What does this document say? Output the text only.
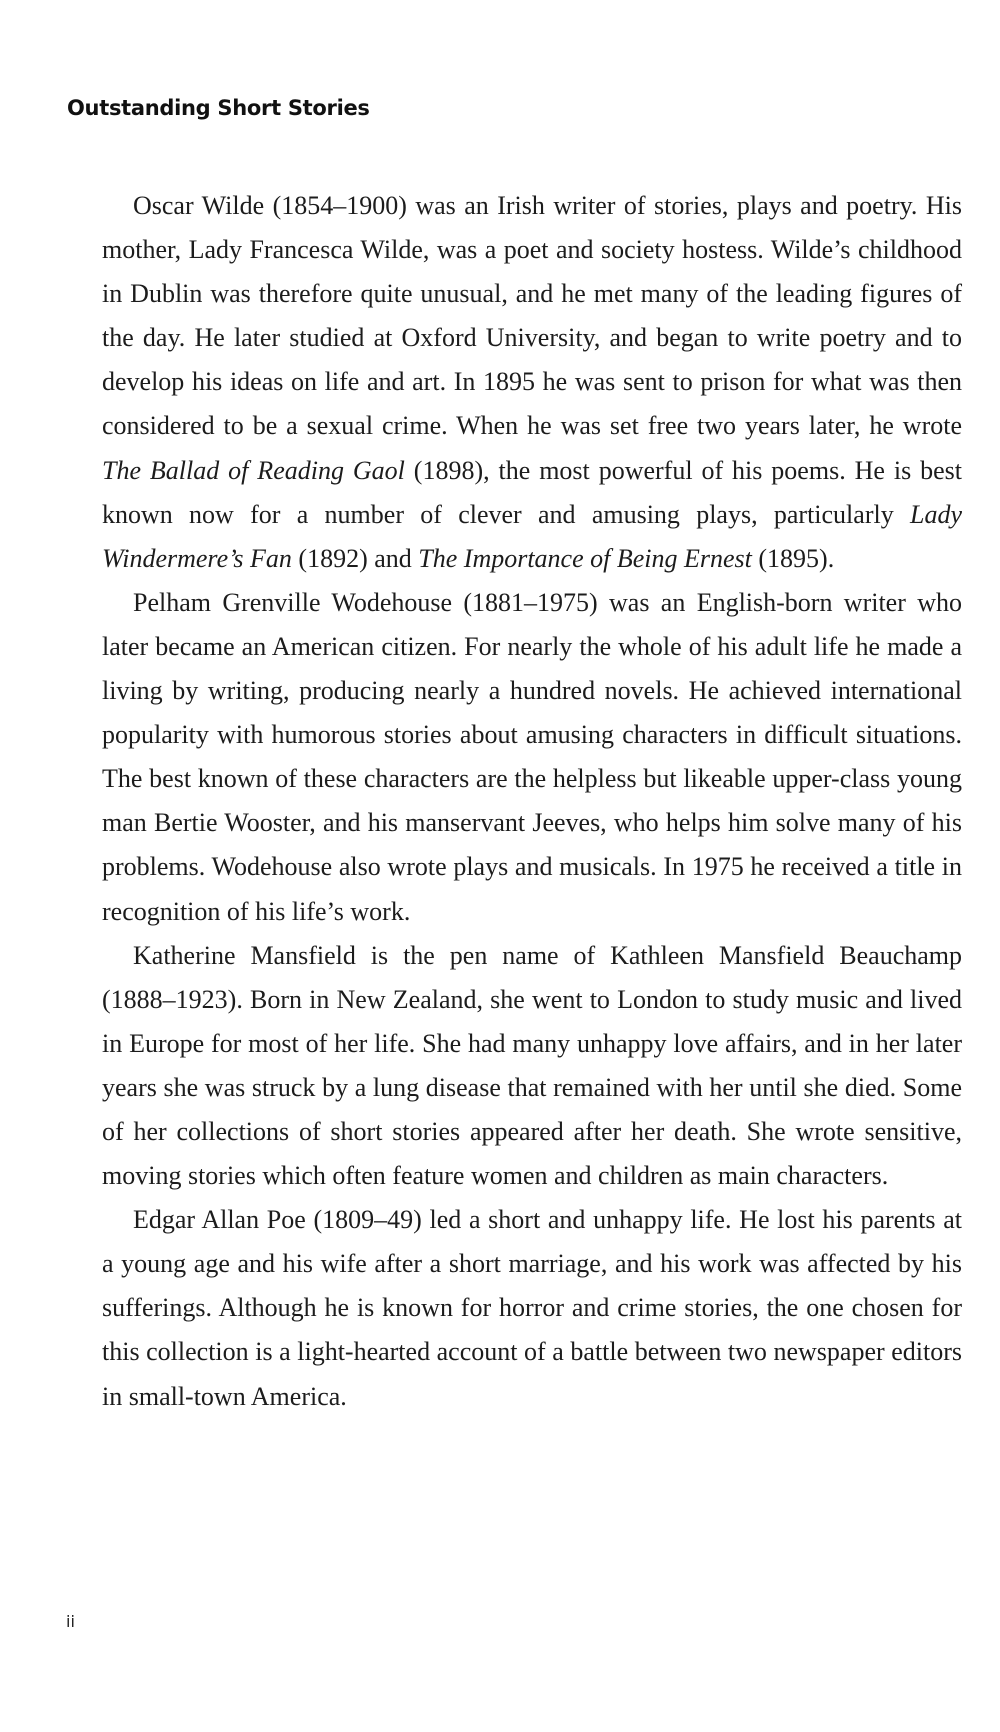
Outstanding Short Stories

Oscar Wilde (1854–1900) was an Irish writer of stories, plays and poetry. His mother, Lady Francesca Wilde, was a poet and society hostess. Wilde’s childhood in Dublin was therefore quite unusual, and he met many of the leading figures of the day. He later studied at Oxford University, and began to write poetry and to develop his ideas on life and art. In 1895 he was sent to prison for what was then considered to be a sexual crime. When he was set free two years later, he wrote The Ballad of Reading Gaol (1898), the most powerful of his poems. He is best known now for a number of clever and amusing plays, particularly Lady Windermere’s Fan (1892) and The Importance of Being Ernest (1895).

Pelham Grenville Wodehouse (1881–1975) was an English-born writer who later became an American citizen. For nearly the whole of his adult life he made a living by writing, producing nearly a hundred novels. He achieved international popularity with humorous stories about amusing characters in difficult situations. The best known of these characters are the helpless but likeable upper-class young man Bertie Wooster, and his manservant Jeeves, who helps him solve many of his problems. Wodehouse also wrote plays and musicals. In 1975 he received a title in recognition of his life’s work.

Katherine Mansfield is the pen name of Kathleen Mansfield Beauchamp (1888–1923). Born in New Zealand, she went to London to study music and lived in Europe for most of her life. She had many unhappy love affairs, and in her later years she was struck by a lung disease that remained with her until she died. Some of her collections of short stories appeared after her death. She wrote sensitive, moving stories which often feature women and children as main characters.

Edgar Allan Poe (1809–49) led a short and unhappy life. He lost his parents at a young age and his wife after a short marriage, and his work was affected by his sufferings. Although he is known for horror and crime stories, the one chosen for this collection is a light-hearted account of a battle between two newspaper editors in small-town America.

ii
